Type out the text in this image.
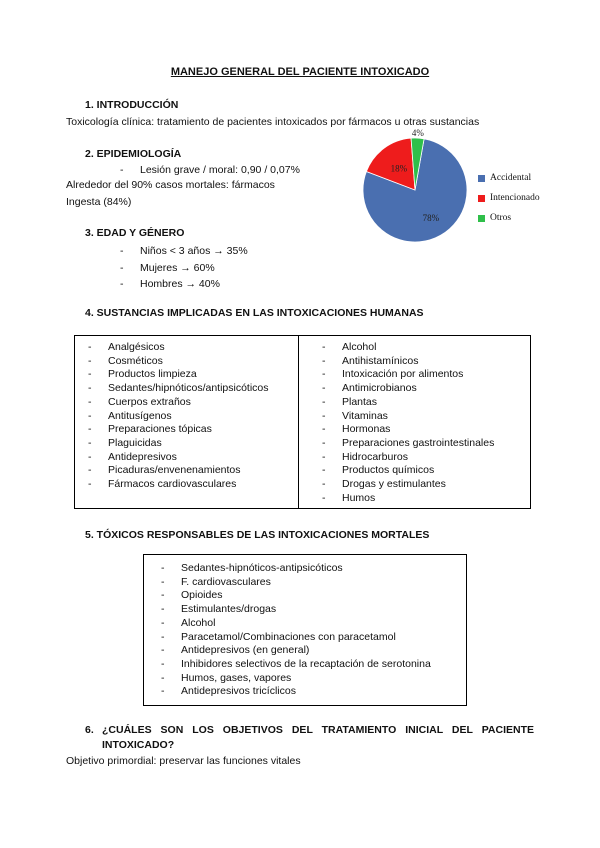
MANEJO GENERAL DEL PACIENTE INTOXICADO
1. INTRODUCCIÓN
Toxicología clínica: tratamiento de pacientes intoxicados por fármacos u otras sustancias
2. EPIDEMIOLOGÍA
- Lesión grave / moral: 0,90 / 0,07%
Alrededor del 90% casos mortales: fármacos
Ingesta (84%)
78%
18%
4%
Accidental
Intencionado
Otros
3. EDAD Y GÉNERO
- Niños < 3 años → 35%
- Mujeres → 60%
- Hombres → 40%
4. SUSTANCIAS IMPLICADAS EN LAS INTOXICACIONES HUMANAS
- Analgésicos
- Cosméticos
- Productos limpieza
- Sedantes/hipnóticos/antipsicóticos
- Cuerpos extraños
- Antitusígenos
- Preparaciones tópicas
- Plaguicidas
- Antidepresivos
- Picaduras/envenenamientos
- Fármacos cardiovasculares
- Alcohol
- Antihistamínicos
- Intoxicación por alimentos
- Antimicrobianos
- Plantas
- Vitaminas
- Hormonas
- Preparaciones gastrointestinales
- Hidrocarburos
- Productos químicos
- Drogas y estimulantes
- Humos
5. TÓXICOS RESPONSABLES DE LAS INTOXICACIONES MORTALES
- Sedantes-hipnóticos-antipsicóticos
- F. cardiovasculares
- Opioides
- Estimulantes/drogas
- Alcohol
- Paracetamol/Combinaciones con paracetamol
- Antidepresivos (en general)
- Inhibidores selectivos de la recaptación de serotonina
- Humos, gases, vapores
- Antidepresivos tricíclicos
6. ¿CUÁLES SON LOS OBJETIVOS DEL TRATAMIENTO INICIAL DEL PACIENTE
INTOXICADO?
Objetivo primordial: preservar las funciones vitales
